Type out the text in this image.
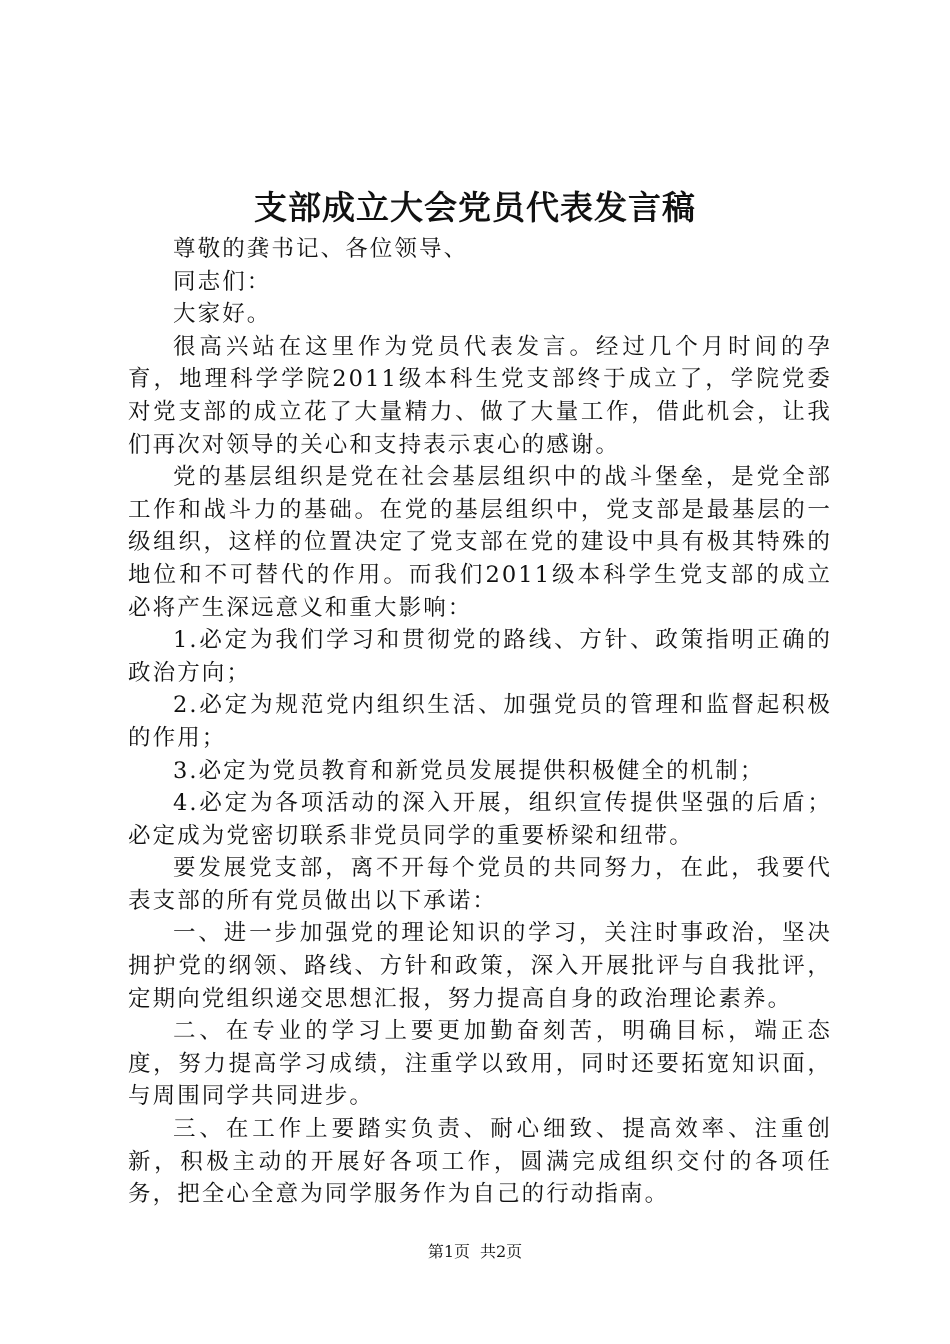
支部成立大会党员代表发言稿

尊敬的龚书记、各位领导、

同志们：

大家好。

很高兴站在这里作为党员代表发言。经过几个月时间的孕育，地理科学学院2011级本科生党支部终于成立了，学院党委对党支部的成立花了大量精力、做了大量工作，借此机会，让我们再次对领导的关心和支持表示衷心的感谢。

党的基层组织是党在社会基层组织中的战斗堡垒，是党全部工作和战斗力的基础。在党的基层组织中，党支部是最基层的一级组织，这样的位置决定了党支部在党的建设中具有极其特殊的地位和不可替代的作用。而我们2011级本科学生党支部的成立必将产生深远意义和重大影响：

1.必定为我们学习和贯彻党的路线、方针、政策指明正确的政治方向；

2.必定为规范党内组织生活、加强党员的管理和监督起积极的作用；

3.必定为党员教育和新党员发展提供积极健全的机制；

4.必定为各项活动的深入开展，组织宣传提供坚强的后盾；必定成为党密切联系非党员同学的重要桥梁和纽带。

要发展党支部，离不开每个党员的共同努力，在此，我要代表支部的所有党员做出以下承诺：

一、进一步加强党的理论知识的学习，关注时事政治，坚决拥护党的纲领、路线、方针和政策，深入开展批评与自我批评，定期向党组织递交思想汇报，努力提高自身的政治理论素养。

二、在专业的学习上要更加勤奋刻苦，明确目标，端正态度，努力提高学习成绩，注重学以致用，同时还要拓宽知识面，与周围同学共同进步。

三、在工作上要踏实负责、耐心细致、提高效率、注重创新，积极主动的开展好各项工作，圆满完成组织交付的各项任务，把全心全意为同学服务作为自己的行动指南。

第1页 共2页
